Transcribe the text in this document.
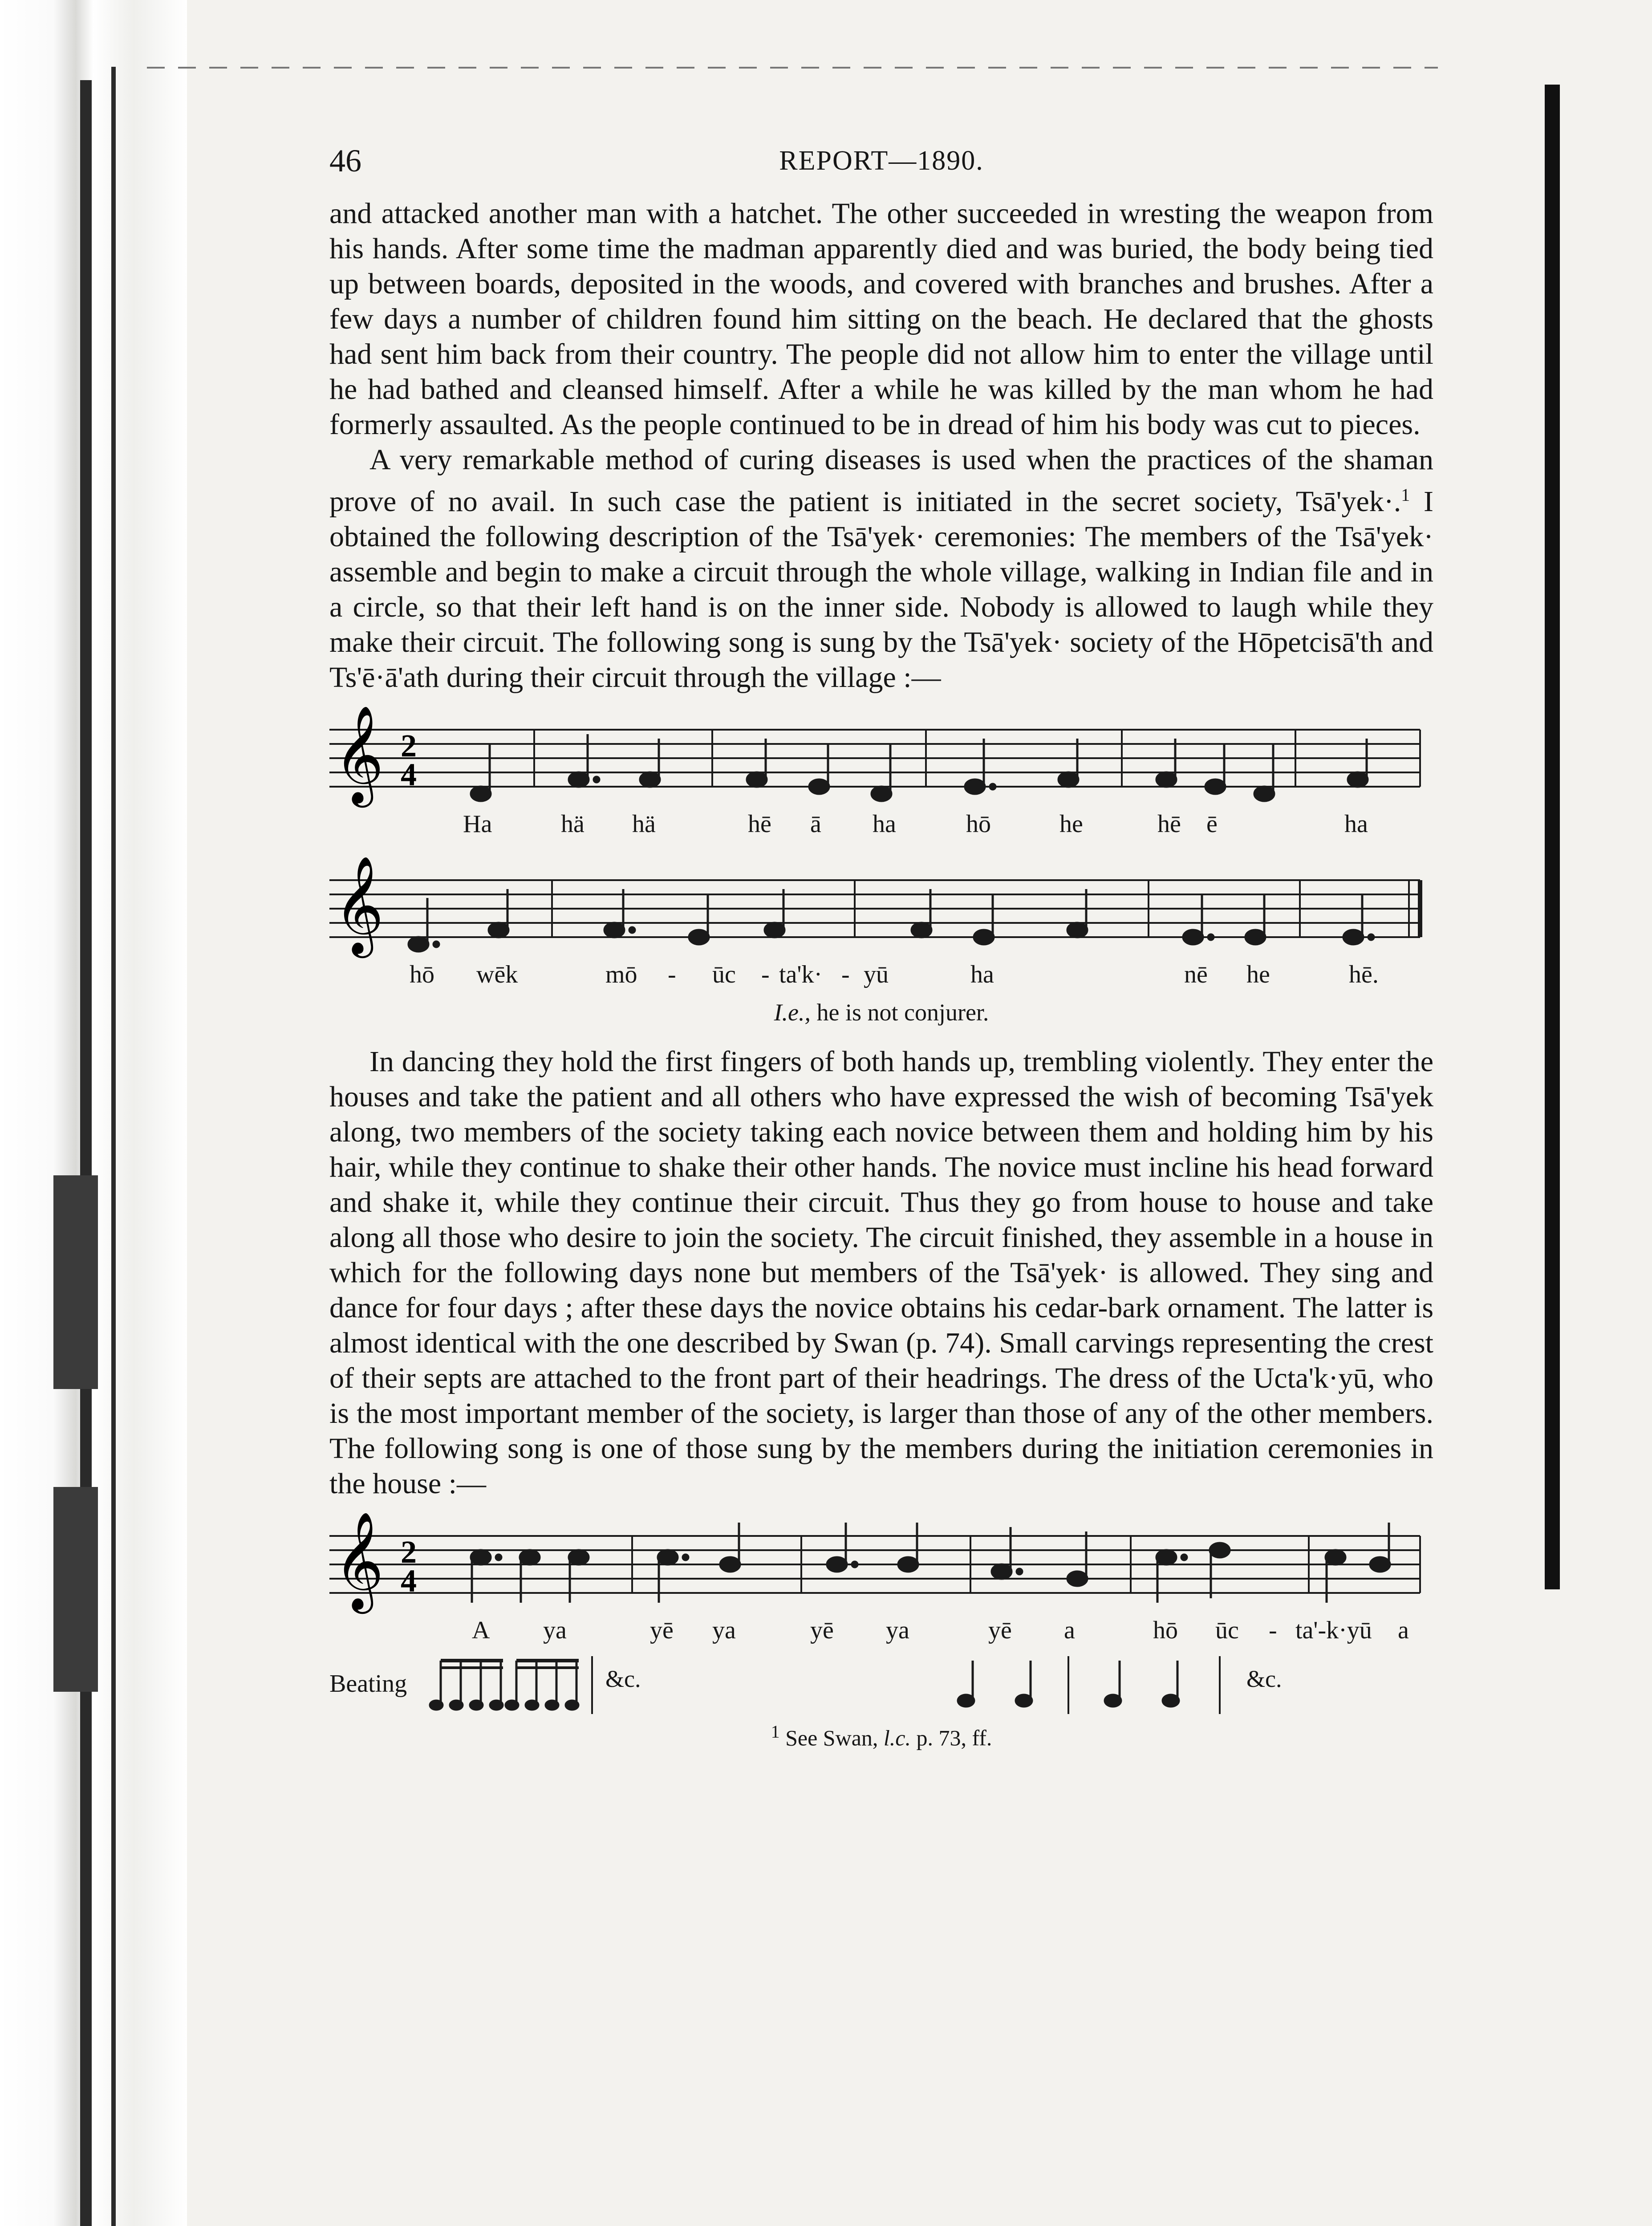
46	REPORT—1890.

and attacked another man with a hatchet. The other succeeded in wresting the weapon from his hands. After some time the madman apparently died and was buried, the body being tied up between boards, deposited in the woods, and covered with branches and brushes. After a few days a number of children found him sitting on the beach. He declared that the ghosts had sent him back from their country. The people did not allow him to enter the village until he had bathed and cleansed himself. After a while he was killed by the man whom he had formerly assaulted. As the people continued to be in dread of him his body was cut to pieces.

A very remarkable method of curing diseases is used when the practices of the shaman prove of no avail. In such case the patient is initiated in the secret society, Tsā'yek·.$^1$ I obtained the following description of the Tsā'yek· ceremonies: The members of the Tsā'yek· assemble and begin to make a circuit through the whole village, walking in Indian file and in a circle, so that their left hand is on the inner side. Nobody is allowed to laugh while they make their circuit. The following song is sung by the Tsā'yek· society of the Hōpetcisā'th and Ts'ē·ā'ath during their circuit through the village :—

𝄞 2
4
Ha	hä hä	hē ā ha	hō	he	hē ē	ha
𝄞
hō wēk	mō - ūc - ta'k· - yū	ha	nē he	hē.
I.e., he is not conjurer.

In dancing they hold the first fingers of both hands up, trembling violently. They enter the houses and take the patient and all others who have expressed the wish of becoming Tsā'yek along, two members of the society taking each novice between them and holding him by his hair, while they continue to shake their other hands. The novice must incline his head forward and shake it, while they continue their circuit. Thus they go from house to house and take along all those who desire to join the society. The circuit finished, they assemble in a house in which for the following days none but members of the Tsā'yek· is allowed. They sing and dance for four days ; after these days the novice obtains his cedar-bark ornament. The latter is almost identical with the one described by Swan (p. 74). Small carvings representing the crest of their septs are attached to the front part of their headrings. The dress of the Ucta'k·yū, who is the most important member of the society, is larger than those of any of the other members. The following song is one of those sung by the members during the initiation ceremonies in the house :—

𝄞 2
4
A ya	yē ya	yē ya	yē a	hō ūc - ta'-k·yū a
Beating	&c.	&c.
$^1$ See Swan, l.c. p. 73, ff.
